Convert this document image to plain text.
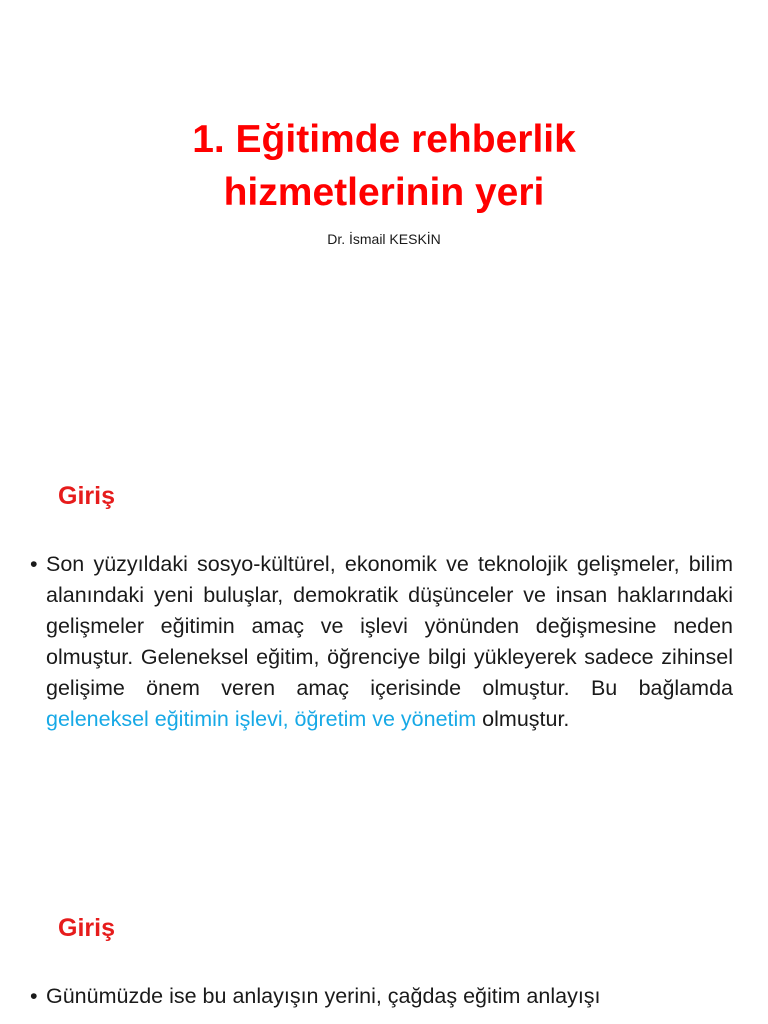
1. Eğitimde rehberlik
hizmetlerinin yeri
Dr. İsmail KESKİN
Giriş
• Son yüzyıldaki sosyo-kültürel, ekonomik ve teknolojik gelişmeler, bilim alanındaki yeni buluşlar, demokratik düşünceler ve insan haklarındaki gelişmeler eğitimin amaç ve işlevi yönünden değişmesine neden olmuştur. Geleneksel eğitim, öğrenciye bilgi yükleyerek sadece zihinsel gelişime önem veren amaç içerisinde olmuştur. Bu bağlamda geleneksel eğitimin işlevi, öğretim ve yönetim olmuştur.
Giriş
• Günümüzde ise bu anlayışın yerini, çağdaş eğitim anlayışı
